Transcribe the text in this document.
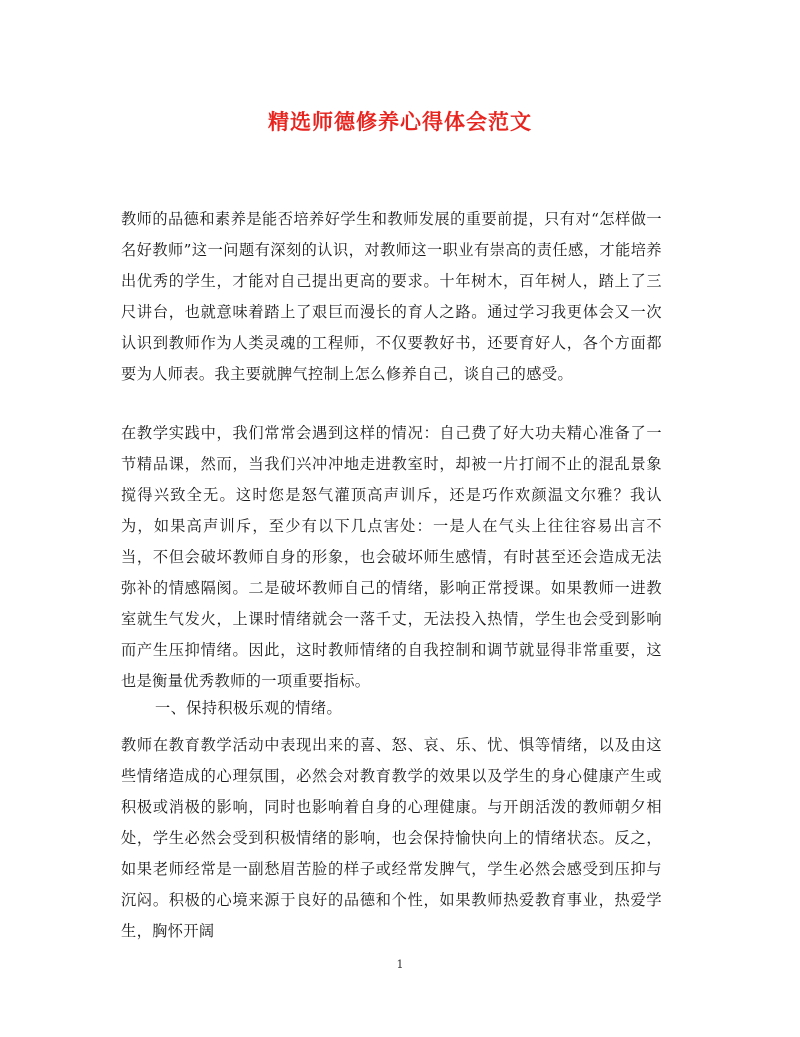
精选师德修养心得体会范文

教师的品德和素养是能否培养好学生和教师发展的重要前提，只有对“怎样做一名好教师”这一问题有深刻的认识，对教师这一职业有崇高的责任感，才能培养出优秀的学生，才能对自己提出更高的要求。十年树木，百年树人，踏上了三尺讲台，也就意味着踏上了艰巨而漫长的育人之路。通过学习我更体会又一次认识到教师作为人类灵魂的工程师，不仅要教好书，还要育好人，各个方面都要为人师表。我主要就脾气控制上怎么修养自己，谈自己的感受。

在教学实践中，我们常常会遇到这样的情况：自己费了好大功夫精心准备了一节精品课，然而，当我们兴冲冲地走进教室时，却被一片打闹不止的混乱景象搅得兴致全无。这时您是怒气灌顶高声训斥，还是巧作欢颜温文尔雅？我认为，如果高声训斥，至少有以下几点害处：一是人在气头上往往容易出言不当，不但会破坏教师自身的形象，也会破坏师生感情，有时甚至还会造成无法弥补的情感隔阂。二是破坏教师自己的情绪，影响正常授课。如果教师一进教室就生气发火，上课时情绪就会一落千丈，无法投入热情，学生也会受到影响而产生压抑情绪。因此，这时教师情绪的自我控制和调节就显得非常重要，这也是衡量优秀教师的一项重要指标。

一、保持积极乐观的情绪。

教师在教育教学活动中表现出来的喜、怒、哀、乐、忧、惧等情绪，以及由这些情绪造成的心理氛围，必然会对教育教学的效果以及学生的身心健康产生或积极或消极的影响，同时也影响着自身的心理健康。与开朗活泼的教师朝夕相处，学生必然会受到积极情绪的影响，也会保持愉快向上的情绪状态。反之，如果老师经常是一副愁眉苦脸的样子或经常发脾气，学生必然会感受到压抑与沉闷。积极的心境来源于良好的品德和个性，如果教师热爱教育事业，热爱学生，胸怀开阔

1
